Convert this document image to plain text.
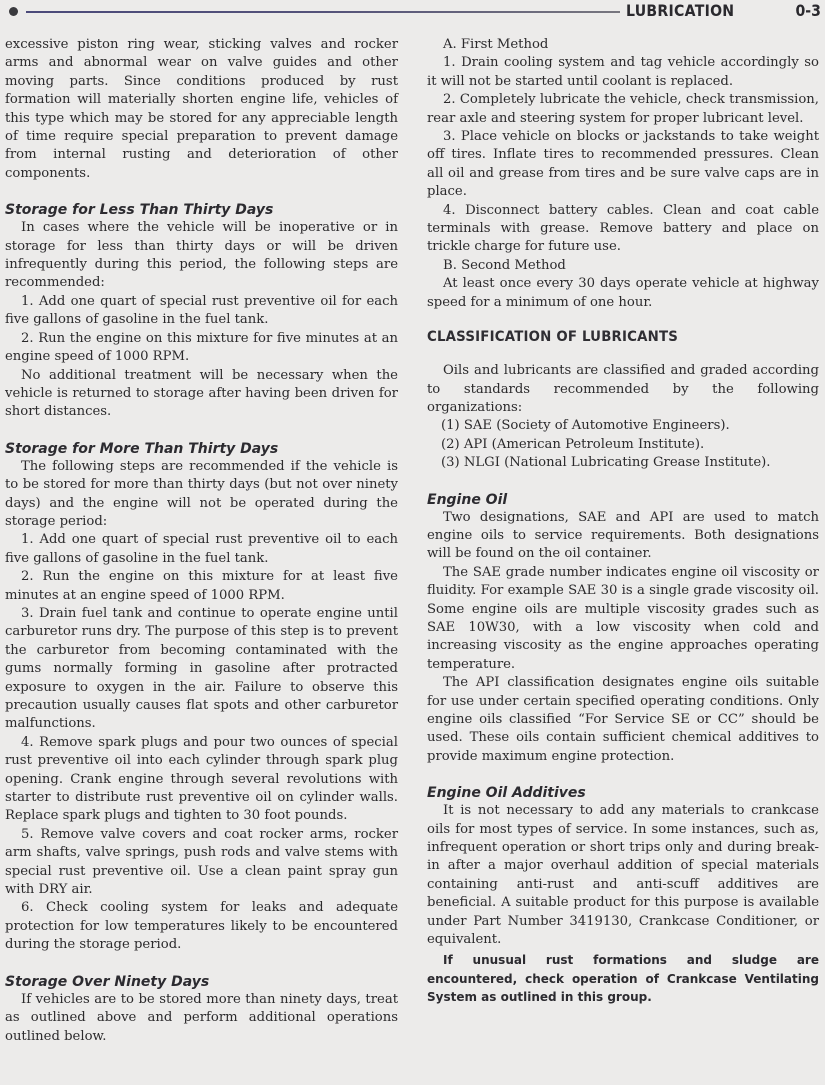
LUBRICATION	0-3

excessive piston ring wear, sticking valves and rocker arms and abnormal wear on valve guides and other moving parts. Since conditions produced by rust formation will materially shorten engine life, vehicles of this type which may be stored for any appreciable length of time require special preparation to prevent damage from internal rusting and deterioration of other components.

Storage for Less Than Thirty Days

In cases where the vehicle will be inoperative or in storage for less than thirty days or will be driven infrequently during this period, the following steps are recommended:

1. Add one quart of special rust preventive oil for each five gallons of gasoline in the fuel tank.

2. Run the engine on this mixture for five minutes at an engine speed of 1000 RPM.

No additional treatment will be necessary when the vehicle is returned to storage after having been driven for short distances.

Storage for More Than Thirty Days

The following steps are recommended if the vehicle is to be stored for more than thirty days (but not over ninety days) and the engine will not be operated during the storage period:

1. Add one quart of special rust preventive oil to each five gallons of gasoline in the fuel tank.

2. Run the engine on this mixture for at least five minutes at an engine speed of 1000 RPM.

3. Drain fuel tank and continue to operate engine until carburetor runs dry. The purpose of this step is to prevent the carburetor from becoming contaminated with the gums normally forming in gasoline after protracted exposure to oxygen in the air. Failure to observe this precaution usually causes flat spots and other carburetor malfunctions.

4. Remove spark plugs and pour two ounces of special rust preventive oil into each cylinder through spark plug opening. Crank engine through several revolutions with starter to distribute rust preventive oil on cylinder walls. Replace spark plugs and tighten to 30 foot pounds.

5. Remove valve covers and coat rocker arms, rocker arm shafts, valve springs, push rods and valve stems with special rust preventive oil. Use a clean paint spray gun with DRY air.

6. Check cooling system for leaks and adequate protection for low temperatures likely to be encountered during the storage period.

Storage Over Ninety Days

If vehicles are to be stored more than ninety days, treat as outlined above and perform additional operations outlined below.

A. First Method

1. Drain cooling system and tag vehicle accordingly so it will not be started until coolant is replaced.

2. Completely lubricate the vehicle, check transmission, rear axle and steering system for proper lubricant level.

3. Place vehicle on blocks or jackstands to take weight off tires. Inflate tires to recommended pressures. Clean all oil and grease from tires and be sure valve caps are in place.

4. Disconnect battery cables. Clean and coat cable terminals with grease. Remove battery and place on trickle charge for future use.

B. Second Method

At least once every 30 days operate vehicle at highway speed for a minimum of one hour.

CLASSIFICATION OF LUBRICANTS

Oils and lubricants are classified and graded according to standards recommended by the following organizations:

(1) SAE (Society of Automotive Engineers).

(2) API (American Petroleum Institute).

(3) NLGI (National Lubricating Grease Institute).

Engine Oil

Two designations, SAE and API are used to match engine oils to service requirements. Both designations will be found on the oil container.

The SAE grade number indicates engine oil viscosity or fluidity. For example SAE 30 is a single grade viscosity oil. Some engine oils are multiple viscosity grades such as SAE 10W30, with a low viscosity when cold and increasing viscosity as the engine approaches operating temperature.

The API classification designates engine oils suitable for use under certain specified operating conditions. Only engine oils classified “For Service SE or CC” should be used. These oils contain sufficient chemical additives to provide maximum engine protection.

Engine Oil Additives

It is not necessary to add any materials to crankcase oils for most types of service. In some instances, such as, infrequent operation or short trips only and during break-in after a major overhaul addition of special materials containing anti-rust and anti-scuff additives are beneficial. A suitable product for this purpose is available under Part Number 3419130, Crankcase Conditioner, or equivalent.

If unusual rust formations and sludge are encountered, check operation of Crankcase Ventilating System as outlined in this group.
